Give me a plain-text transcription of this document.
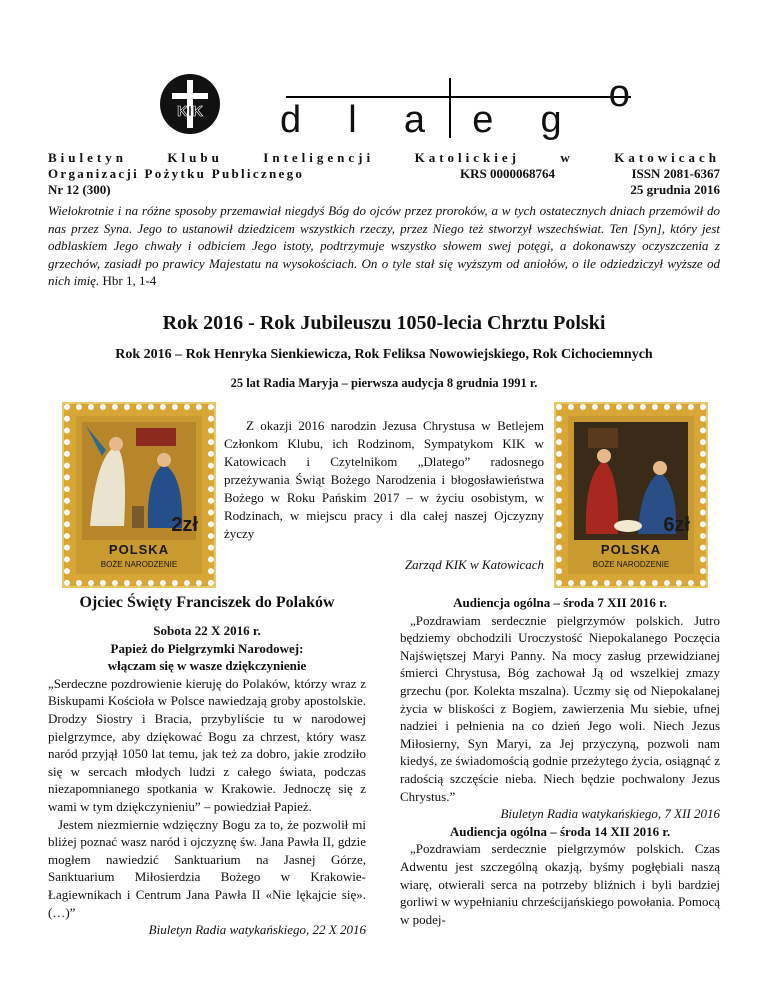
KIK d l a e g
o
Biuletyn	Klubu	Inteligencji	Katolickiej	w	Katowicach
Organizacji Pożytku Publicznego	KRS 0000068764	ISSN 2081-6367
Nr 12 (300)	25 grudnia 2016
Wielokrotnie i na różne sposoby przemawiał niegdyś Bóg do ojców przez proroków, a w tych ostatecznych dniach przemówił do nas przez Syna. Jego to ustanowił dziedzicem wszystkich rzeczy, przez Niego też stworzył wszechświat. Ten [Syn], który jest odblaskiem Jego chwały i odbiciem Jego istoty, podtrzymuje wszystko słowem swej potęgi, a dokonawszy oczyszczenia z grzechów, zasiadł po prawicy Majestatu na wysokościach. On o tyle stał się wyższym od aniołów, o ile odziedziczył wyższe od nich imię. Hbr 1, 1-4
Rok 2016 - Rok Jubileuszu 1050-lecia Chrztu Polski
Rok 2016 – Rok Henryka Sienkiewicza, Rok Feliksa Nowowiejskiego, Rok Cichociemnych
25 lat Radia Maryja – pierwsza audycja 8 grudnia 1991 r.
2zł
POLSKA
BOŻE NARODZENIE
6zł
POLSKA
BOŻE NARODZENIE
Z okazji 2016 narodzin Jezusa Chrystusa w Betlejem Członkom Klubu, ich Rodzinom, Sympatykom KIK w Katowicach i Czytelnikom „Dlatego” radosnego przeżywania Świąt Bożego Narodzenia i błogosławieństwa Bożego w Roku Pańskim 2017 – w życiu osobistym, w Rodzinach, w miejscu pracy i dla całej naszej Ojczyzny życzy
Zarząd KIK w Katowicach

Ojciec Święty Franciszek do Polaków

Sobota 22 X 2016 r.

Papież do Pielgrzymki Narodowej:

włączam się w wasze dziękczynienie

„Serdeczne pozdrowienie kieruję do Polaków, którzy wraz z Biskupami Kościoła w Polsce nawiedzają groby apostolskie. Drodzy Siostry i Bracia, przybyliście tu w narodowej pielgrzymce, aby dziękować Bogu za chrzest, który wasz naród przyjął 1050 lat temu, jak też za dobro, jakie zrodziło się w sercach młodych ludzi z całego świata, podczas niezapomnianego spotkania w Krakowie. Jednoczę się z wami w tym dziękczynieniu” – powiedział Papież.

Jestem niezmiernie wdzięczny Bogu za to, że pozwolił mi bliżej poznać wasz naród i ojczyznę św. Jana Pawła II, gdzie mogłem nawiedzić Sanktuarium na Jasnej Górze, Sanktuarium Miłosierdzia Bożego w Krakowie-Łagiewnikach i Centrum Jana Pawła II «Nie lękajcie się». (…)”

Biuletyn Radia watykańskiego, 22 X 2016

Audiencja ogólna – środa 7 XII 2016 r.

„Pozdrawiam serdecznie pielgrzymów polskich. Jutro będziemy obchodzili Uroczystość Niepokalanego Poczęcia Najświętszej Maryi Panny. Na mocy zasług przewidzianej śmierci Chrystusa, Bóg zachował Ją od wszelkiej zmazy grzechu (por. Kolekta mszalna). Uczmy się od Niepokalanej życia w bliskości z Bogiem, zawierzenia Mu siebie, ufnej nadziei i pełnienia na co dzień Jego woli. Niech Jezus Miłosierny, Syn Maryi, za Jej przyczyną, pozwoli nam kiedyś, ze świadomością godnie przeżytego życia, osiągnąć z radością szczęście nieba. Niech będzie pochwalony Jezus Chrystus.”

Biuletyn Radia watykańskiego, 7 XII 2016

Audiencja ogólna – środa 14 XII 2016 r.

„Pozdrawiam serdecznie pielgrzymów polskich. Czas Adwentu jest szczególną okazją, byśmy pogłębiali naszą wiarę, otwierali serca na potrzeby bliźnich i byli bardziej gorliwi w wypełnianiu chrześcijańskiego powołania. Pomocą w podej-
